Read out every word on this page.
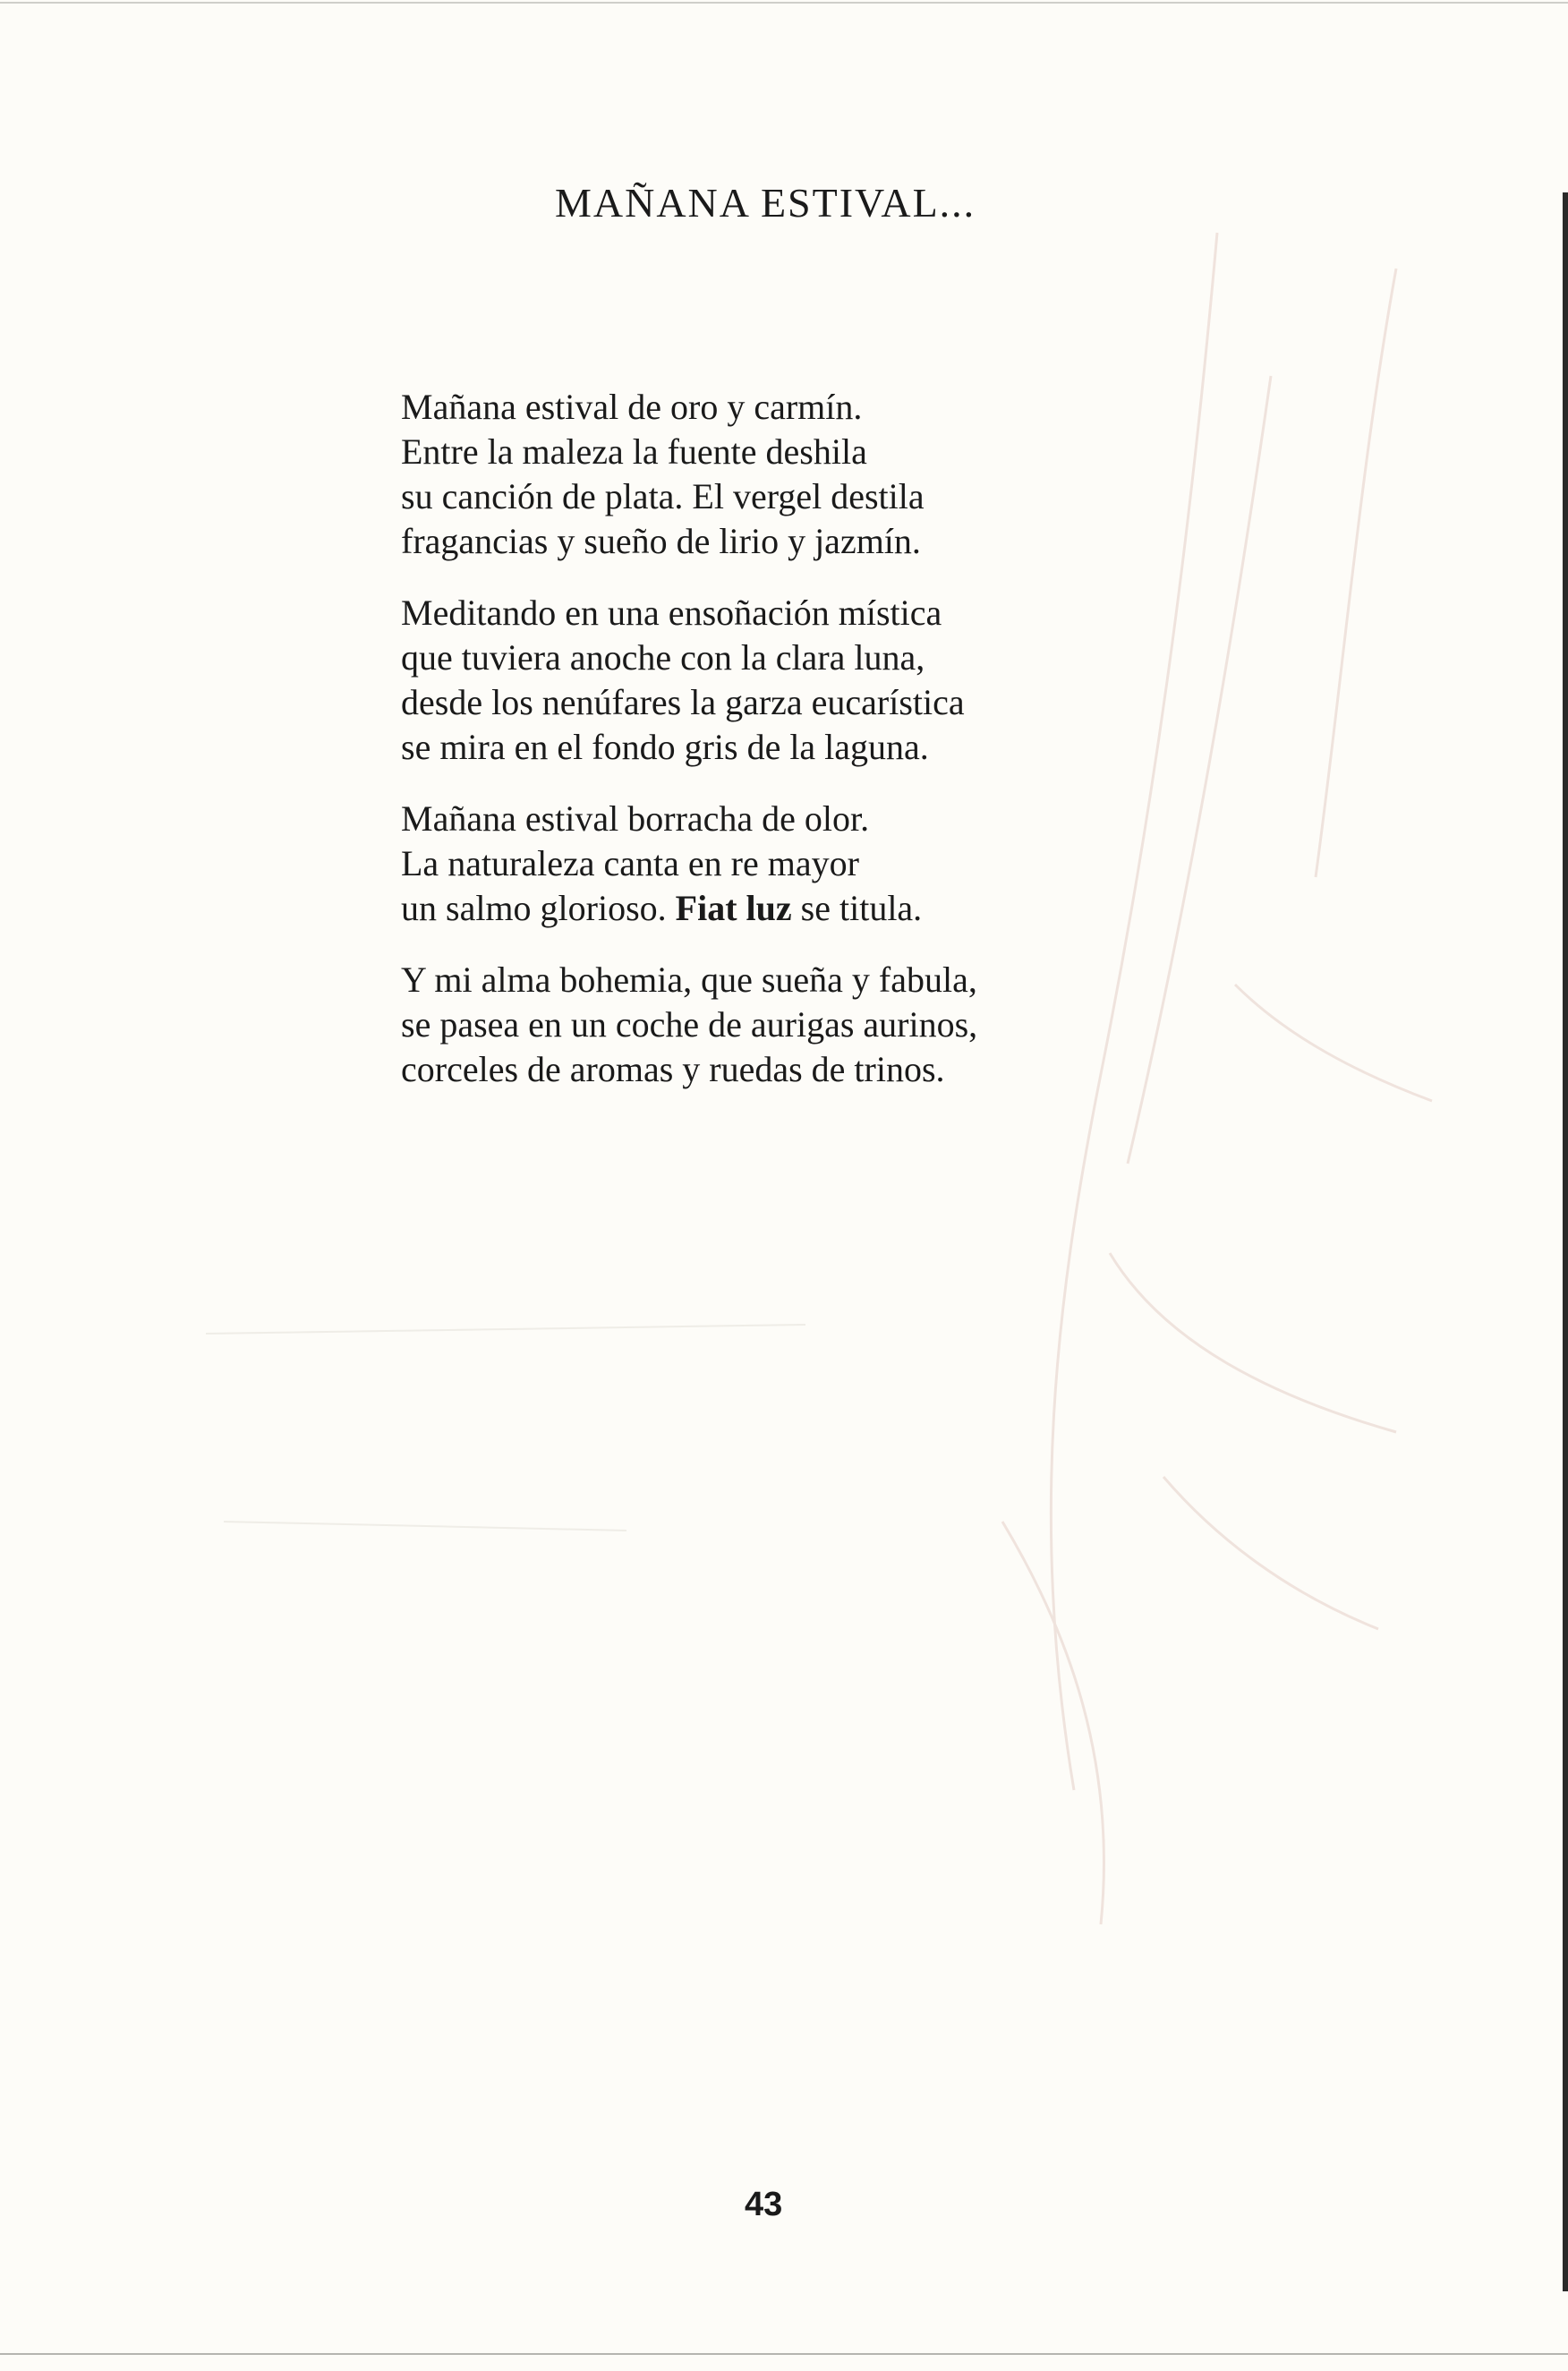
MAÑANA ESTIVAL...
Mañana estival de oro y carmín.
Entre la maleza la fuente deshila
su canción de plata. El vergel destila
fragancias y sueño de lirio y jazmín.
Meditando en una ensoñación mística
que tuviera anoche con la clara luna,
desde los nenúfares la garza eucarística
se mira en el fondo gris de la laguna.
Mañana estival borracha de olor.
La naturaleza canta en re mayor
un salmo glorioso. Fiat luz se titula.
Y mi alma bohemia, que sueña y fabula,
se pasea en un coche de aurigas aurinos,
corceles de aromas y ruedas de trinos.
43
